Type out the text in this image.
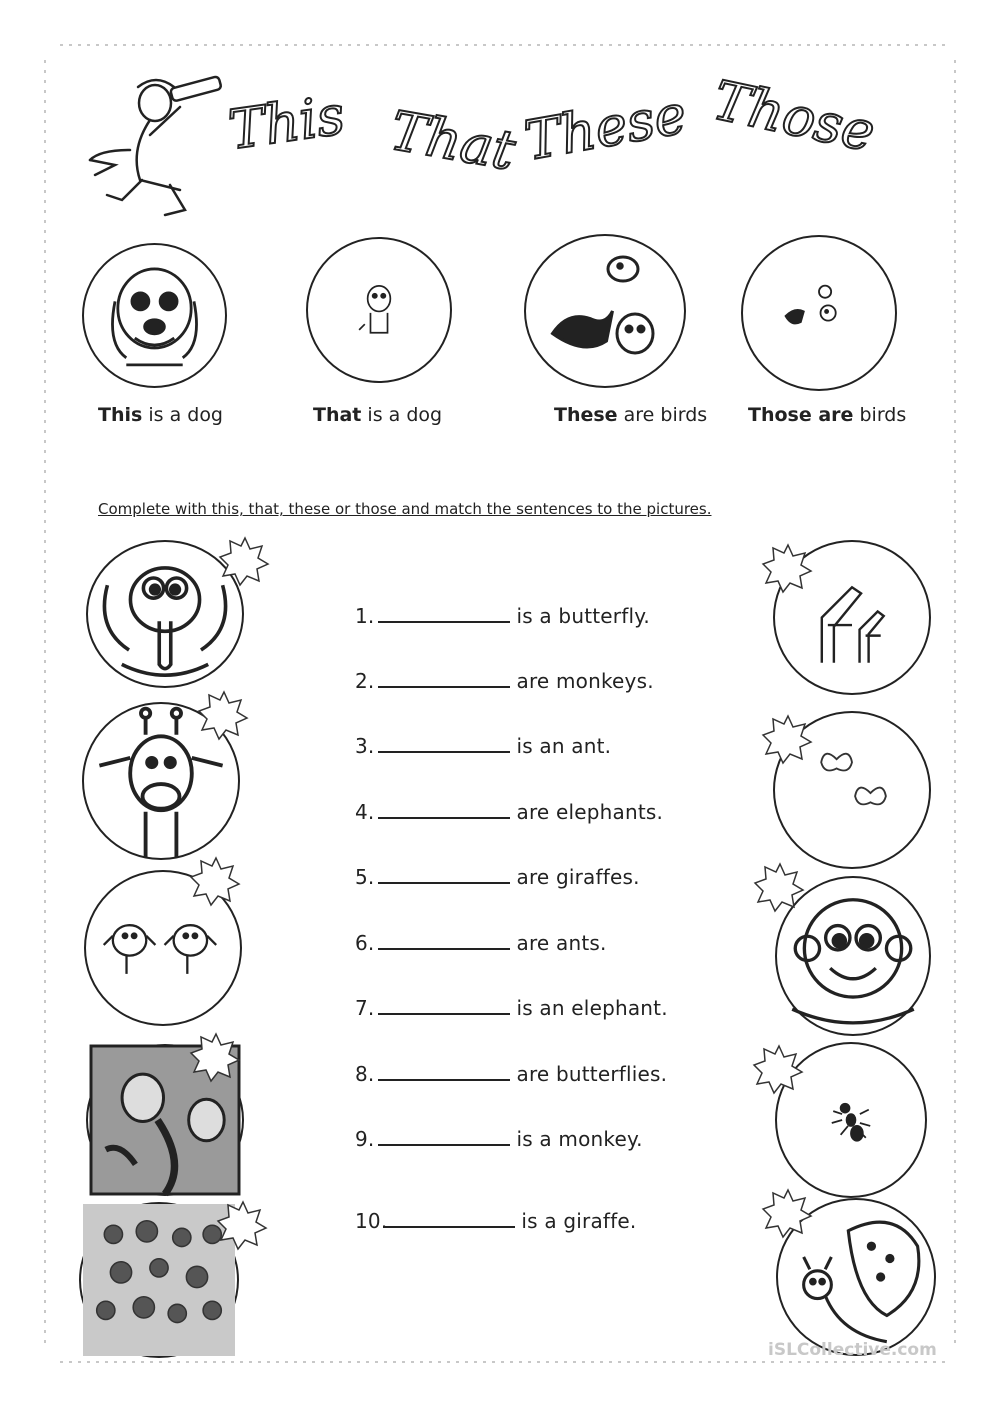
This That These Those
This is a dog	That is a dog	These are birds Those are birds
Complete with this, that, these or those and match the sentences to the pictures.
1.	is a butterfly.
2.	are monkeys.
3.	is an ant.
4.	are elephants.
5.	are giraffes.
6.	are ants.
7.	is an elephant.
8.	are butterflies.
9.	is a monkey.
10.	is a giraffe.
iSLCollective.com
